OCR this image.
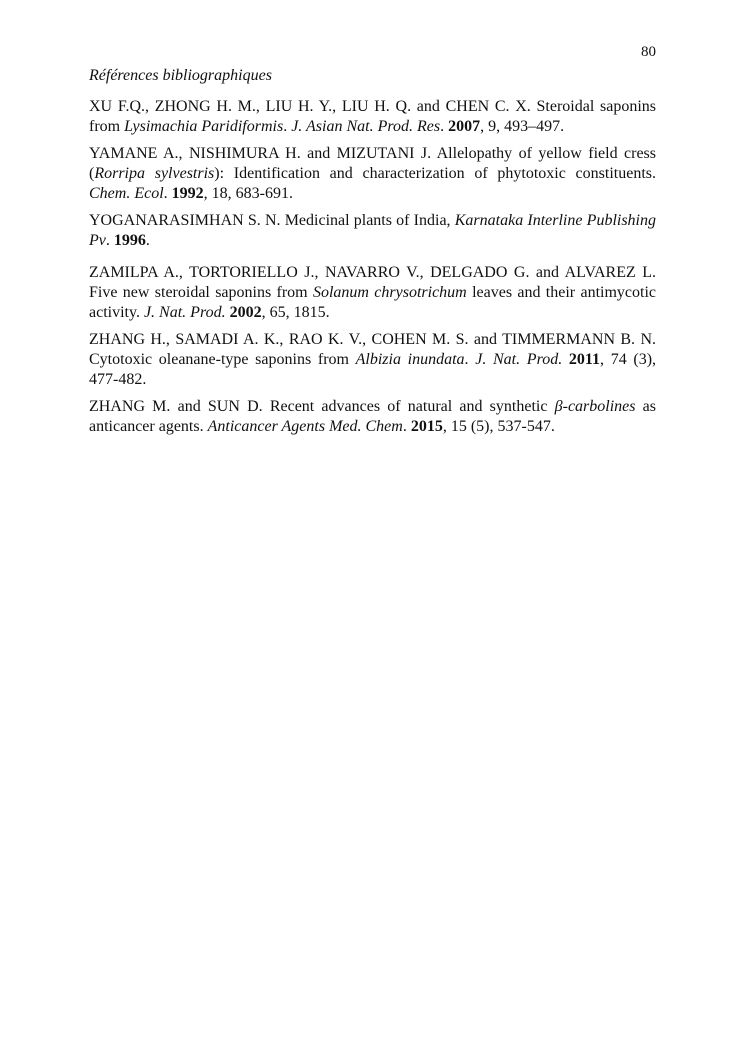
80
Références bibliographiques

XU F.Q., ZHONG H. M., LIU H. Y., LIU H. Q. and CHEN C. X. Steroidal saponins from Lysimachia Paridiformis. J. Asian Nat. Prod. Res. 2007, 9, 493–497.

YAMANE A., NISHIMURA H. and MIZUTANI J. Allelopathy of yellow field cress (Rorripa sylvestris): Identification and characterization of phytotoxic constituents. Chem. Ecol. 1992, 18, 683-691.

YOGANARASIMHAN S. N. Medicinal plants of India, Karnataka Interline Publishing Pv. 1996.

ZAMILPA A., TORTORIELLO J., NAVARRO V., DELGADO G. and ALVAREZ L. Five new steroidal saponins from Solanum chrysotrichum leaves and their antimycotic activity. J. Nat. Prod. 2002, 65, 1815.

ZHANG H., SAMADI A. K., RAO K. V., COHEN M. S. and TIMMERMANN B. N. Cytotoxic oleanane-type saponins from Albizia inundata. J. Nat. Prod. 2011, 74 (3), 477-482.

ZHANG M. and SUN D. Recent advances of natural and synthetic β-carbolines as anticancer agents. Anticancer Agents Med. Chem. 2015, 15 (5), 537-547.
